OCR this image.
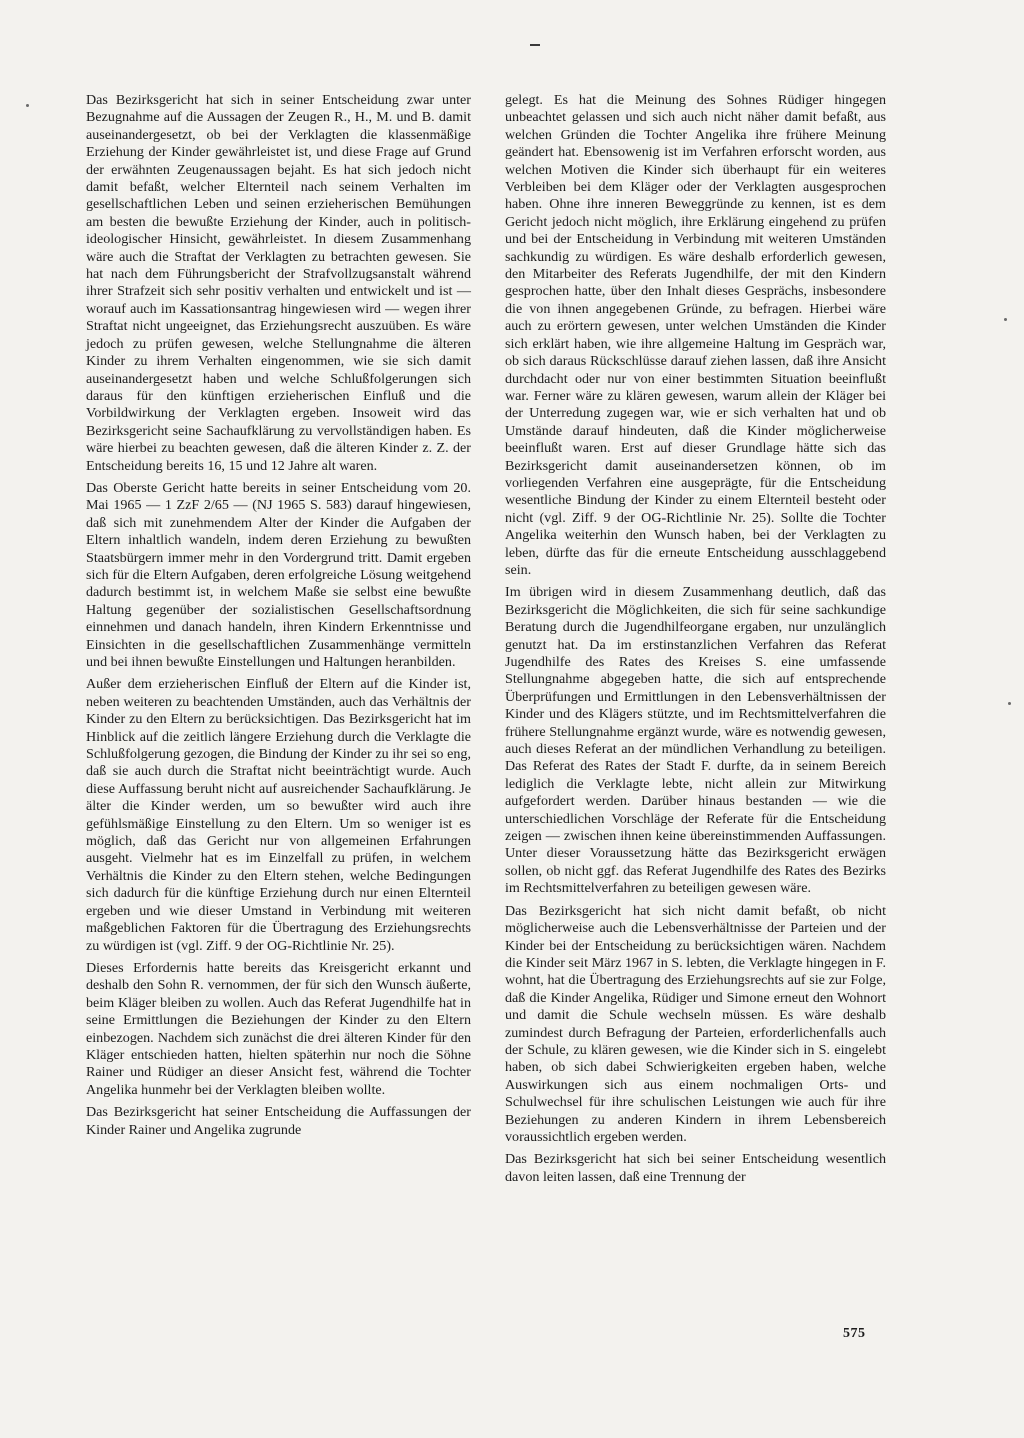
Das Bezirksgericht hat sich in seiner Entscheidung zwar unter Bezugnahme auf die Aussagen der Zeugen R., H., M. und B. damit auseinandergesetzt, ob bei der Verklagten die klassenmäßige Erziehung der Kinder gewährleistet ist, und diese Frage auf Grund der erwähnten Zeugenaussagen bejaht. Es hat sich jedoch nicht damit befaßt, welcher Elternteil nach seinem Verhalten im gesellschaftlichen Leben und seinen erzieherischen Bemühungen am besten die bewußte Erziehung der Kinder, auch in politisch-ideologischer Hinsicht, gewährleistet. In diesem Zusammenhang wäre auch die Straftat der Verklagten zu betrachten gewesen. Sie hat nach dem Führungsbericht der Strafvollzugsanstalt während ihrer Strafzeit sich sehr positiv verhalten und entwickelt und ist — worauf auch im Kassationsantrag hingewiesen wird — wegen ihrer Straftat nicht ungeeignet, das Erziehungsrecht auszuüben. Es wäre jedoch zu prüfen gewesen, welche Stellungnahme die älteren Kinder zu ihrem Verhalten eingenommen, wie sie sich damit auseinandergesetzt haben und welche Schlußfolgerungen sich daraus für den künftigen erzieherischen Einfluß und die Vorbildwirkung der Verklagten ergeben. Insoweit wird das Bezirksgericht seine Sachaufklärung zu vervollständigen haben. Es wäre hierbei zu beachten gewesen, daß die älteren Kinder z. Z. der Entscheidung bereits 16, 15 und 12 Jahre alt waren.

Das Oberste Gericht hatte bereits in seiner Entscheidung vom 20. Mai 1965 — 1 ZzF 2/65 — (NJ 1965 S. 583) darauf hingewiesen, daß sich mit zunehmendem Alter der Kinder die Aufgaben der Eltern inhaltlich wandeln, indem deren Erziehung zu bewußten Staatsbürgern immer mehr in den Vordergrund tritt. Damit ergeben sich für die Eltern Aufgaben, deren erfolgreiche Lösung weitgehend dadurch bestimmt ist, in welchem Maße sie selbst eine bewußte Haltung gegenüber der sozialistischen Gesellschaftsordnung einnehmen und danach handeln, ihren Kindern Erkenntnisse und Einsichten in die gesellschaftlichen Zusammenhänge vermitteln und bei ihnen bewußte Einstellungen und Haltungen heranbilden.

Außer dem erzieherischen Einfluß der Eltern auf die Kinder ist, neben weiteren zu beachtenden Umständen, auch das Verhältnis der Kinder zu den Eltern zu berücksichtigen. Das Bezirksgericht hat im Hinblick auf die zeitlich längere Erziehung durch die Verklagte die Schlußfolgerung gezogen, die Bindung der Kinder zu ihr sei so eng, daß sie auch durch die Straftat nicht beeinträchtigt wurde. Auch diese Auffassung beruht nicht auf ausreichender Sachaufklärung. Je älter die Kinder werden, um so bewußter wird auch ihre gefühlsmäßige Einstellung zu den Eltern. Um so weniger ist es möglich, daß das Gericht nur von allgemeinen Erfahrungen ausgeht. Vielmehr hat es im Einzelfall zu prüfen, in welchem Verhältnis die Kinder zu den Eltern stehen, welche Bedingungen sich dadurch für die künftige Erziehung durch nur einen Elternteil ergeben und wie dieser Umstand in Verbindung mit weiteren maßgeblichen Faktoren für die Übertragung des Erziehungsrechts zu würdigen ist (vgl. Ziff. 9 der OG-Richtlinie Nr. 25).

Dieses Erfordernis hatte bereits das Kreisgericht erkannt und deshalb den Sohn R. vernommen, der für sich den Wunsch äußerte, beim Kläger bleiben zu wollen. Auch das Referat Jugendhilfe hat in seine Ermittlungen die Beziehungen der Kinder zu den Eltern einbezogen. Nachdem sich zunächst die drei älteren Kinder für den Kläger entschieden hatten, hielten späterhin nur noch die Söhne Rainer und Rüdiger an dieser Ansicht fest, während die Tochter Angelika hunmehr bei der Verklagten bleiben wollte.

Das Bezirksgericht hat seiner Entscheidung die Auffassungen der Kinder Rainer und Angelika zugrunde

gelegt. Es hat die Meinung des Sohnes Rüdiger hingegen unbeachtet gelassen und sich auch nicht näher damit befaßt, aus welchen Gründen die Tochter Angelika ihre frühere Meinung geändert hat. Ebensowenig ist im Verfahren erforscht worden, aus welchen Motiven die Kinder sich überhaupt für ein weiteres Verbleiben bei dem Kläger oder der Verklagten ausgesprochen haben. Ohne ihre inneren Beweggründe zu kennen, ist es dem Gericht jedoch nicht möglich, ihre Erklärung eingehend zu prüfen und bei der Entscheidung in Verbindung mit weiteren Umständen sachkundig zu würdigen. Es wäre deshalb erforderlich gewesen, den Mitarbeiter des Referats Jugendhilfe, der mit den Kindern gesprochen hatte, über den Inhalt dieses Gesprächs, insbesondere die von ihnen angegebenen Gründe, zu befragen. Hierbei wäre auch zu erörtern gewesen, unter welchen Umständen die Kinder sich erklärt haben, wie ihre allgemeine Haltung im Gespräch war, ob sich daraus Rückschlüsse darauf ziehen lassen, daß ihre Ansicht durchdacht oder nur von einer bestimmten Situation beeinflußt war. Ferner wäre zu klären gewesen, warum allein der Kläger bei der Unterredung zugegen war, wie er sich verhalten hat und ob Umstände darauf hindeuten, daß die Kinder möglicherweise beeinflußt waren. Erst auf dieser Grundlage hätte sich das Bezirksgericht damit auseinandersetzen können, ob im vorliegenden Verfahren eine ausgeprägte, für die Entscheidung wesentliche Bindung der Kinder zu einem Elternteil besteht oder nicht (vgl. Ziff. 9 der OG-Richtlinie Nr. 25). Sollte die Tochter Angelika weiterhin den Wunsch haben, bei der Verklagten zu leben, dürfte das für die erneute Entscheidung ausschlaggebend sein.

Im übrigen wird in diesem Zusammenhang deutlich, daß das Bezirksgericht die Möglichkeiten, die sich für seine sachkundige Beratung durch die Jugendhilfeorgane ergaben, nur unzulänglich genutzt hat. Da im erstinstanzlichen Verfahren das Referat Jugendhilfe des Rates des Kreises S. eine umfassende Stellungnahme abgegeben hatte, die sich auf entsprechende Überprüfungen und Ermittlungen in den Lebensverhältnissen der Kinder und des Klägers stützte, und im Rechtsmittelverfahren die frühere Stellungnahme ergänzt wurde, wäre es notwendig gewesen, auch dieses Referat an der mündlichen Verhandlung zu beteiligen. Das Referat des Rates der Stadt F. durfte, da in seinem Bereich lediglich die Verklagte lebte, nicht allein zur Mitwirkung aufgefordert werden. Darüber hinaus bestanden — wie die unterschiedlichen Vorschläge der Referate für die Entscheidung zeigen — zwischen ihnen keine übereinstimmenden Auffassungen. Unter dieser Voraussetzung hätte das Bezirksgericht erwägen sollen, ob nicht ggf. das Referat Jugendhilfe des Rates des Bezirks im Rechtsmittelverfahren zu beteiligen gewesen wäre.

Das Bezirksgericht hat sich nicht damit befaßt, ob nicht möglicherweise auch die Lebensverhältnisse der Parteien und der Kinder bei der Entscheidung zu berücksichtigen wären. Nachdem die Kinder seit März 1967 in S. lebten, die Verklagte hingegen in F. wohnt, hat die Übertragung des Erziehungsrechts auf sie zur Folge, daß die Kinder Angelika, Rüdiger und Simone erneut den Wohnort und damit die Schule wechseln müssen. Es wäre deshalb zumindest durch Befragung der Parteien, erforderlichenfalls auch der Schule, zu klären gewesen, wie die Kinder sich in S. eingelebt haben, ob sich dabei Schwierigkeiten ergeben haben, welche Auswirkungen sich aus einem nochmaligen Orts- und Schulwechsel für ihre schulischen Leistungen wie auch für ihre Beziehungen zu anderen Kindern in ihrem Lebensbereich voraussichtlich ergeben werden.

Das Bezirksgericht hat sich bei seiner Entscheidung wesentlich davon leiten lassen, daß eine Trennung der

575
